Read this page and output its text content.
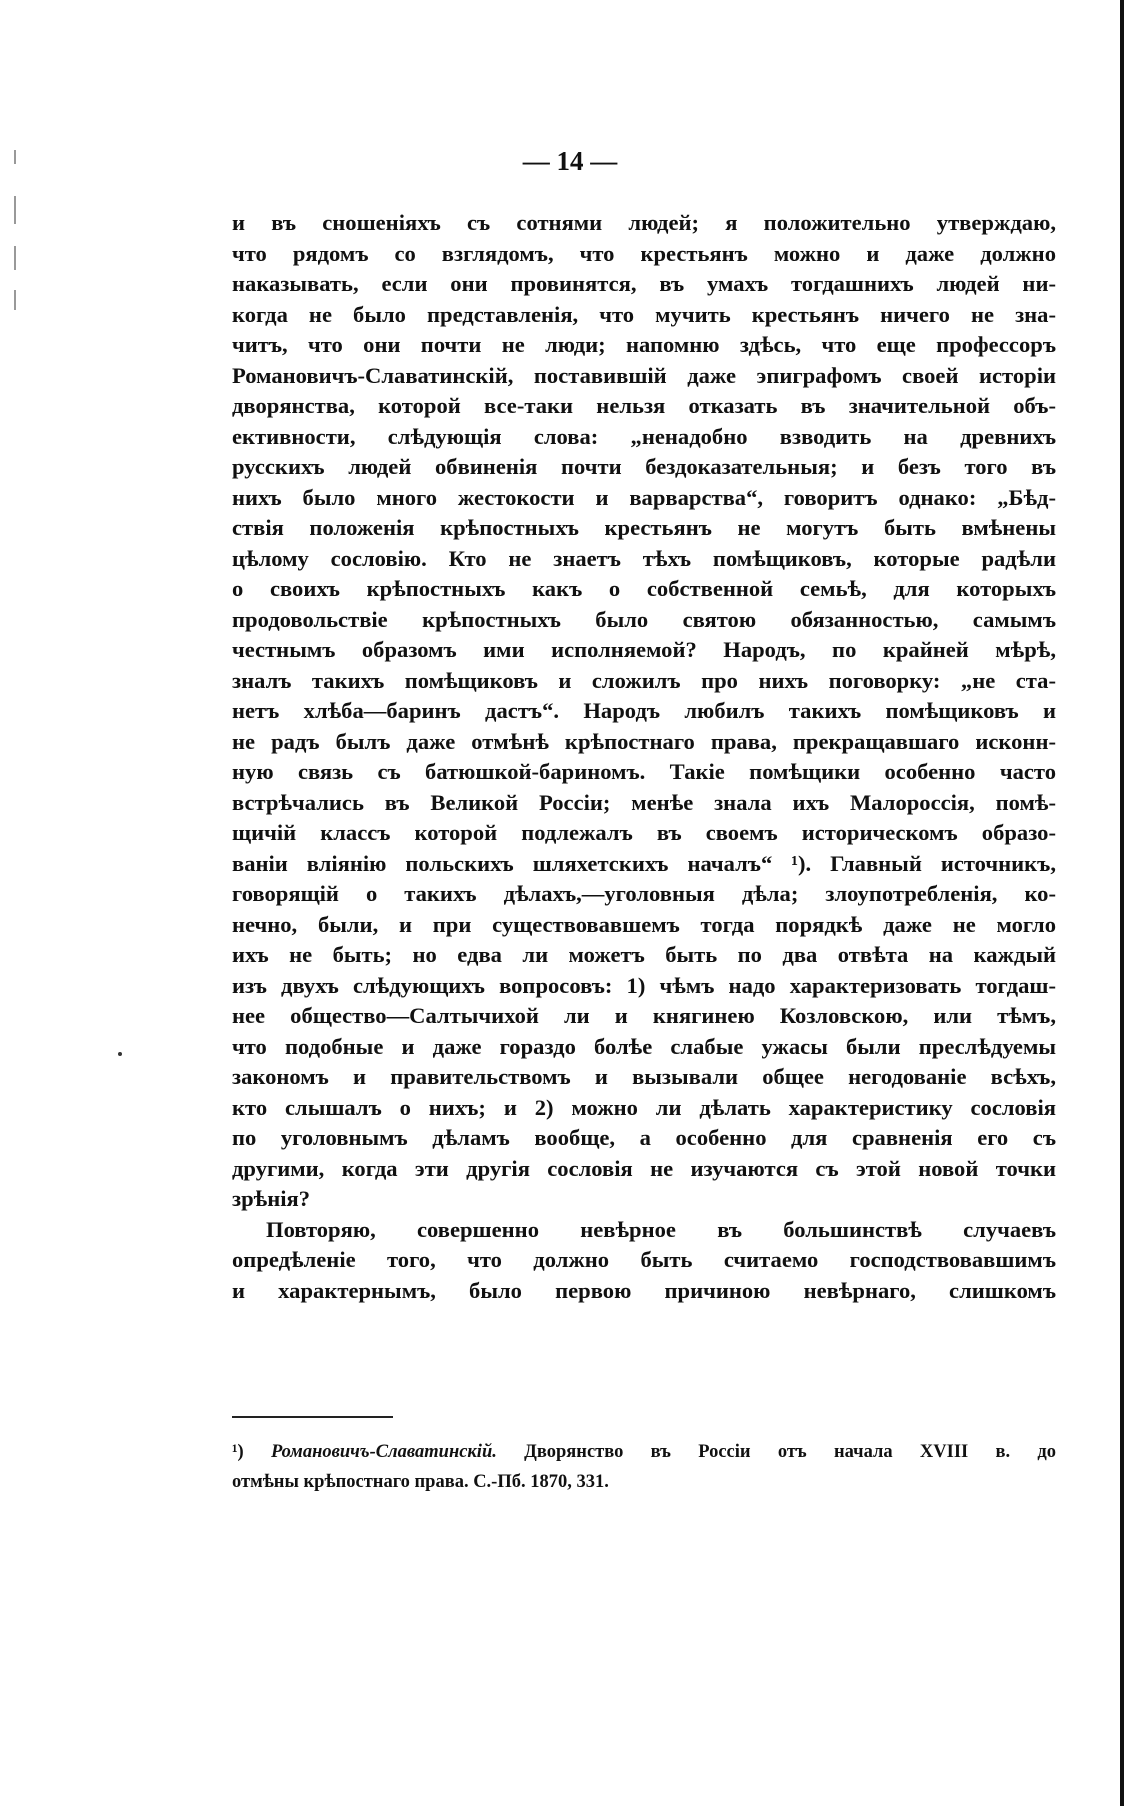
— 14 —
и въ сношеніяхъ съ сотнями людей; я положительно утверждаю,
что рядомъ со взглядомъ, что крестьянъ можно и даже должно
наказывать, если они провинятся, въ умахъ тогдашнихъ людей ни-
когда не было представленія, что мучить крестьянъ ничего не зна-
читъ, что они почти не люди; напомню здѣсь, что еще профессоръ
Романовичъ-Славатинскій, поставившій даже эпиграфомъ своей исторіи
дворянства, которой все-таки нельзя отказать въ значительной объ-
ективности, слѣдующія слова: „ненадобно взводить на древнихъ
русскихъ людей обвиненія почти бездоказательныя; и безъ того въ
нихъ было много жестокости и варварства“, говоритъ однако: „Бѣд-
ствія положенія крѣпостныхъ крестьянъ не могутъ быть вмѣнены
цѣлому сословію. Кто не знаетъ тѣхъ помѣщиковъ, которые радѣли
о своихъ крѣпостныхъ какъ о собственной семьѣ, для которыхъ
продовольствіе крѣпостныхъ было святою обязанностью, самымъ
честнымъ образомъ ими исполняемой? Народъ, по крайней мѣрѣ,
зналъ такихъ помѣщиковъ и сложилъ про нихъ поговорку: „не ста-
нетъ хлѣба—баринъ дастъ“. Народъ любилъ такихъ помѣщиковъ и
не радъ былъ даже отмѣнѣ крѣпостнаго права, прекращавшаго исконн-
ную связь съ батюшкой-бариномъ. Такіе помѣщики особенно часто
встрѣчались въ Великой Россіи; менѣе знала ихъ Малороссія, помѣ-
щичій классъ которой подлежалъ въ своемъ историческомъ образо-
ваніи вліянію польскихъ шляхетскихъ началъ“ ¹). Главный источникъ,
говорящій о такихъ дѣлахъ,—уголовныя дѣла; злоупотребленія, ко-
нечно, были, и при существовавшемъ тогда порядкѣ даже не могло
ихъ не быть; но едва ли можетъ быть по два отвѣта на каждый
изъ двухъ слѣдующихъ вопросовъ: 1) чѣмъ надо характеризовать тогдаш-
нее общество—Салтычихой ли и княгинею Козловскою, или тѣмъ,
что подобные и даже гораздо болѣе слабые ужасы были преслѣдуемы
закономъ и правительствомъ и вызывали общее негодованіе всѣхъ,
кто слышалъ о нихъ; и 2) можно ли дѣлать характеристику сословія
по уголовнымъ дѣламъ вообще, а особенно для сравненія его съ
другими, когда эти другія сословія не изучаются съ этой новой точки
зрѣнія?
Повторяю, совершенно невѣрное въ большинствѣ случаевъ
опредѣленіе того, что должно быть считаемо господствовавшимъ
и характернымъ, было первою причиною невѣрнаго, слишкомъ
¹) Романовичъ-Славатинскій. Дворянство въ Россіи отъ начала XVIII в. до
отмѣны крѣпостнаго права. С.-Пб. 1870, 331.
